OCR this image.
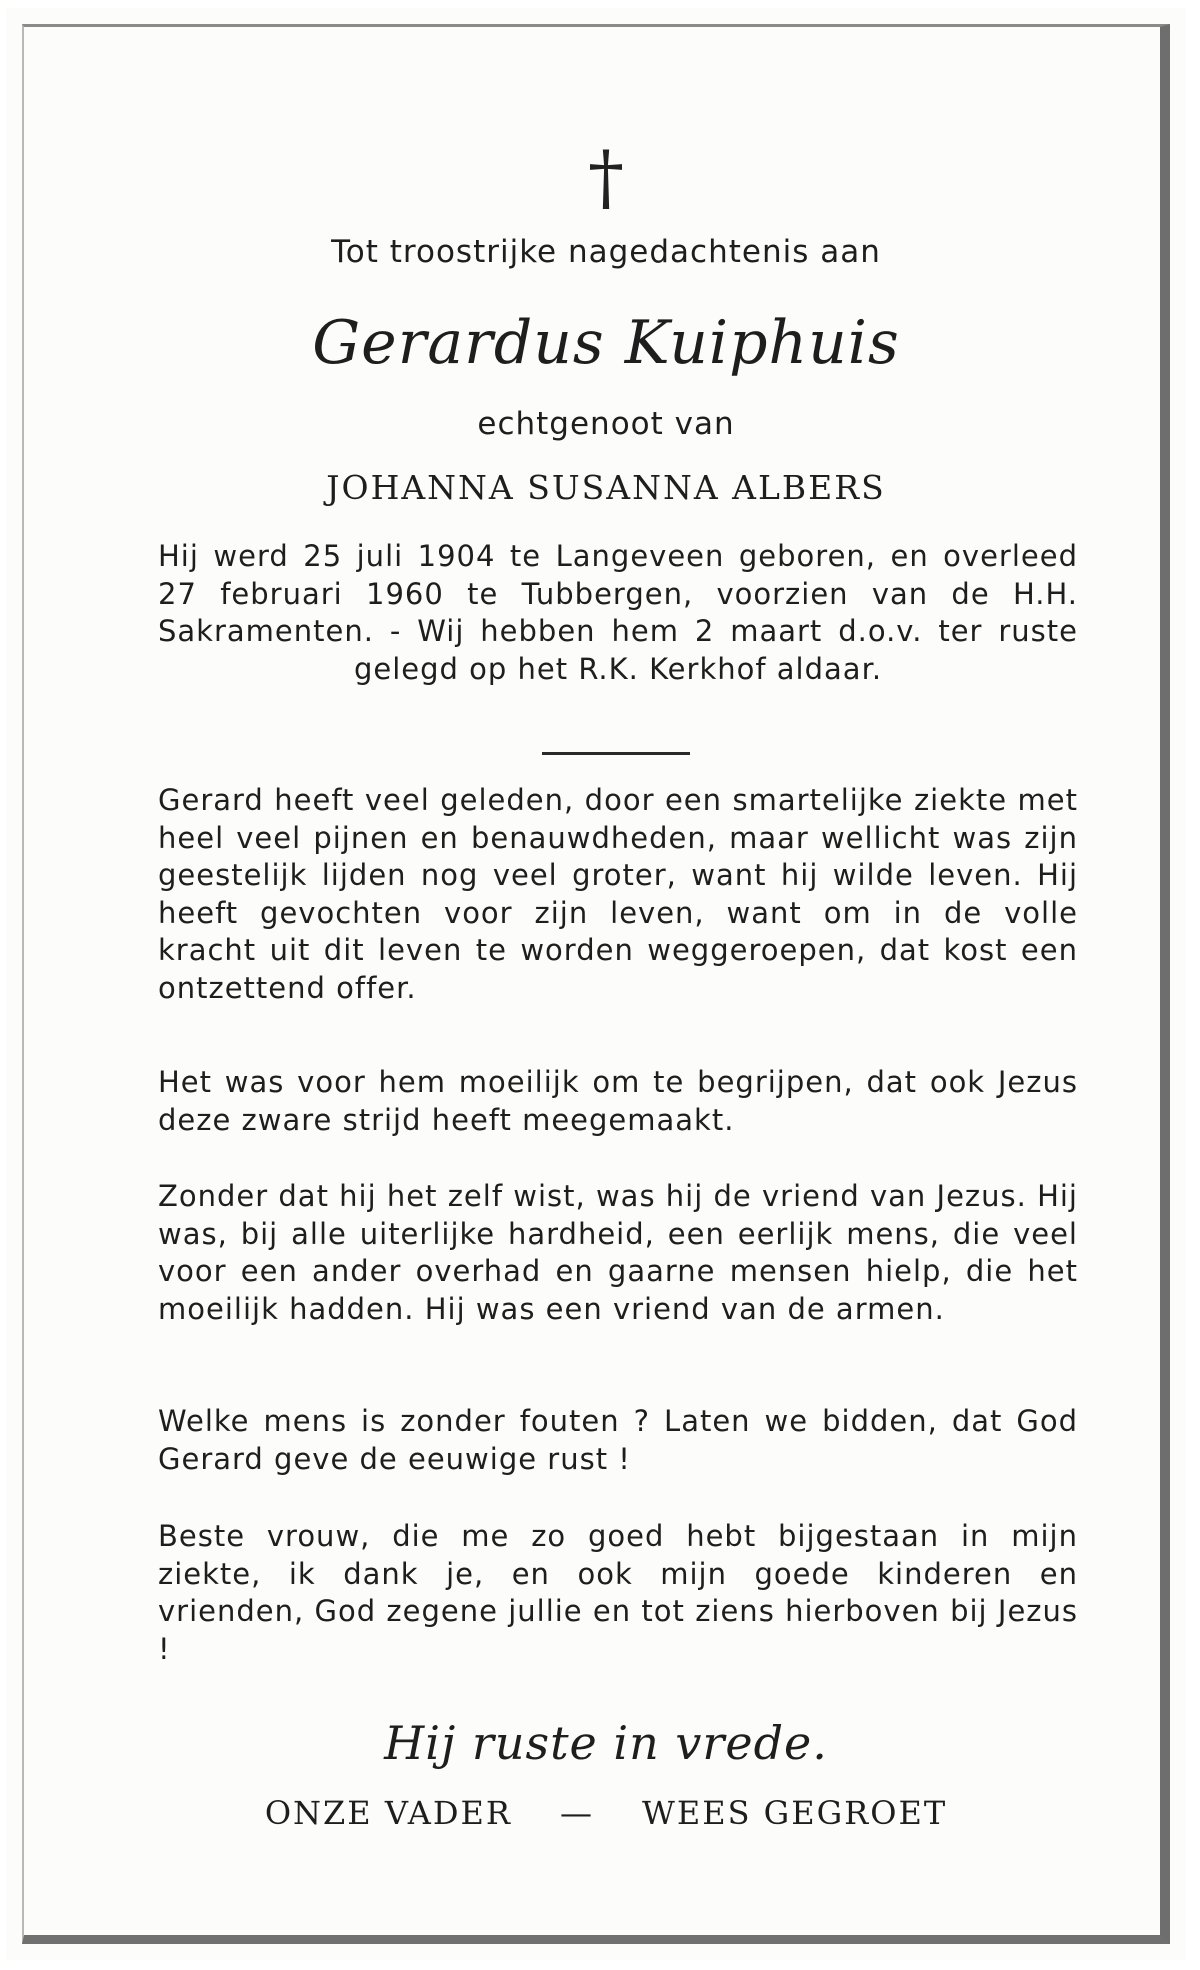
†
Tot troostrijke nagedachtenis aan
Gerardus Kuiphuis
echtgenoot van
JOHANNA SUSANNA ALBERS
Hij werd 25 juli 1904 te Langeveen geboren, en overleed 27 februari 1960 te Tubbergen, voorzien van de H.H. Sakramenten. - Wij hebben hem 2 maart d.o.v. ter ruste gelegd op het R.K. Kerkhof aldaar.
Gerard heeft veel geleden, door een smartelijke ziekte met heel veel pijnen en benauwdheden, maar wellicht was zijn geestelijk lijden nog veel groter, want hij wilde leven. Hij heeft gevochten voor zijn leven, want om in de volle kracht uit dit leven te worden weggeroepen, dat kost een ontzettend offer.
Het was voor hem moeilijk om te begrijpen, dat ook Jezus deze zware strijd heeft meegemaakt.
Zonder dat hij het zelf wist, was hij de vriend van Jezus. Hij was, bij alle uiterlijke hardheid, een eerlijk mens, die veel voor een ander overhad en gaarne mensen hielp, die het moeilijk hadden. Hij was een vriend van de armen.
Welke mens is zonder fouten ? Laten we bidden, dat God Gerard geve de eeuwige rust !
Beste vrouw, die me zo goed hebt bijgestaan in mijn ziekte, ik dank je, en ook mijn goede kinderen en vrienden, God zegene jullie en tot ziens hierboven bij Jezus !
Hij ruste in vrede.
ONZE VADER — WEES GEGROET
